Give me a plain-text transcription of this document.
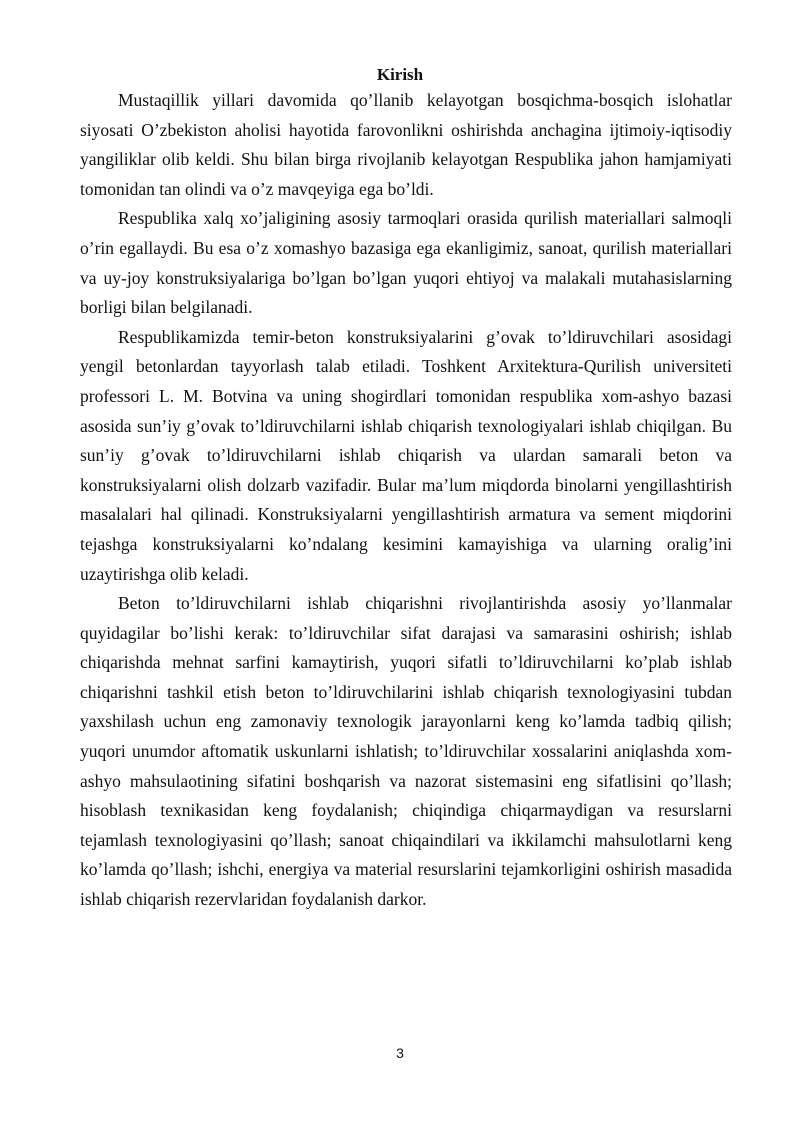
Kirish

Mustaqillik yillari davomida qo’llanib kelayotgan bosqichma-bosqich islohatlar siyosati O’zbekiston aholisi hayotida farovonlikni oshirishda anchagina ijtimoiy-iqtisodiy yangiliklar olib keldi. Shu bilan birga rivojlanib kelayotgan Respublika jahon hamjamiyati tomonidan tan olindi va o’z mavqeyiga ega bo’ldi.

Respublika xalq xo’jaligining asosiy tarmoqlari orasida qurilish materiallari salmoqli o’rin egallaydi. Bu esa o’z xomashyo bazasiga ega ekanligimiz, sanoat, qurilish materiallari va uy-joy konstruksiyalariga bo’lgan bo’lgan yuqori ehtiyoj va malakali mutahasislarning borligi bilan belgilanadi.

Respublikamizda temir-beton konstruksiyalarini g’ovak to’ldiruvchilari asosidagi yengil betonlardan tayyorlash talab etiladi. Toshkent Arxitektura-Qurilish universiteti professori L. M. Botvina va uning shogirdlari tomonidan respublika xom-ashyo bazasi asosida sun’iy g’ovak to’ldiruvchilarni ishlab chiqarish texnologiyalari ishlab chiqilgan. Bu sun’iy g’ovak to’ldiruvchilarni ishlab chiqarish va ulardan samarali beton va konstruksiyalarni olish dolzarb vazifadir. Bular ma’lum miqdorda binolarni yengillashtirish masalalari hal qilinadi. Konstruksiyalarni yengillashtirish armatura va sement miqdorini tejashga konstruksiyalarni ko’ndalang kesimini kamayishiga va ularning oralig’ini uzaytirishga olib keladi.

Beton to’ldiruvchilarni ishlab chiqarishni rivojlantirishda asosiy yo’llanmalar quyidagilar bo’lishi kerak: to’ldiruvchilar sifat darajasi va samarasini oshirish; ishlab chiqarishda mehnat sarfini kamaytirish, yuqori sifatli to’ldiruvchilarni ko’plab ishlab chiqarishni tashkil etish beton to’ldiruvchilarini ishlab chiqarish texnologiyasini tubdan yaxshilash uchun eng zamonaviy texnologik jarayonlarni keng ko’lamda tadbiq qilish; yuqori unumdor aftomatik uskunlarni ishlatish; to’ldiruvchilar xossalarini aniqlashda xom-ashyo mahsulaotining sifatini boshqarish va nazorat sistemasini eng sifatlisini qo’llash; hisoblash texnikasidan keng foydalanish; chiqindiga chiqarmaydigan va resurslarni tejamlash texnologiyasini qo’llash; sanoat chiqaindilari va ikkilamchi mahsulotlarni keng ko’lamda qo’llash; ishchi, energiya va material resurslarini tejamkorligini oshirish masadida ishlab chiqarish rezervlaridan foydalanish darkor.

3
